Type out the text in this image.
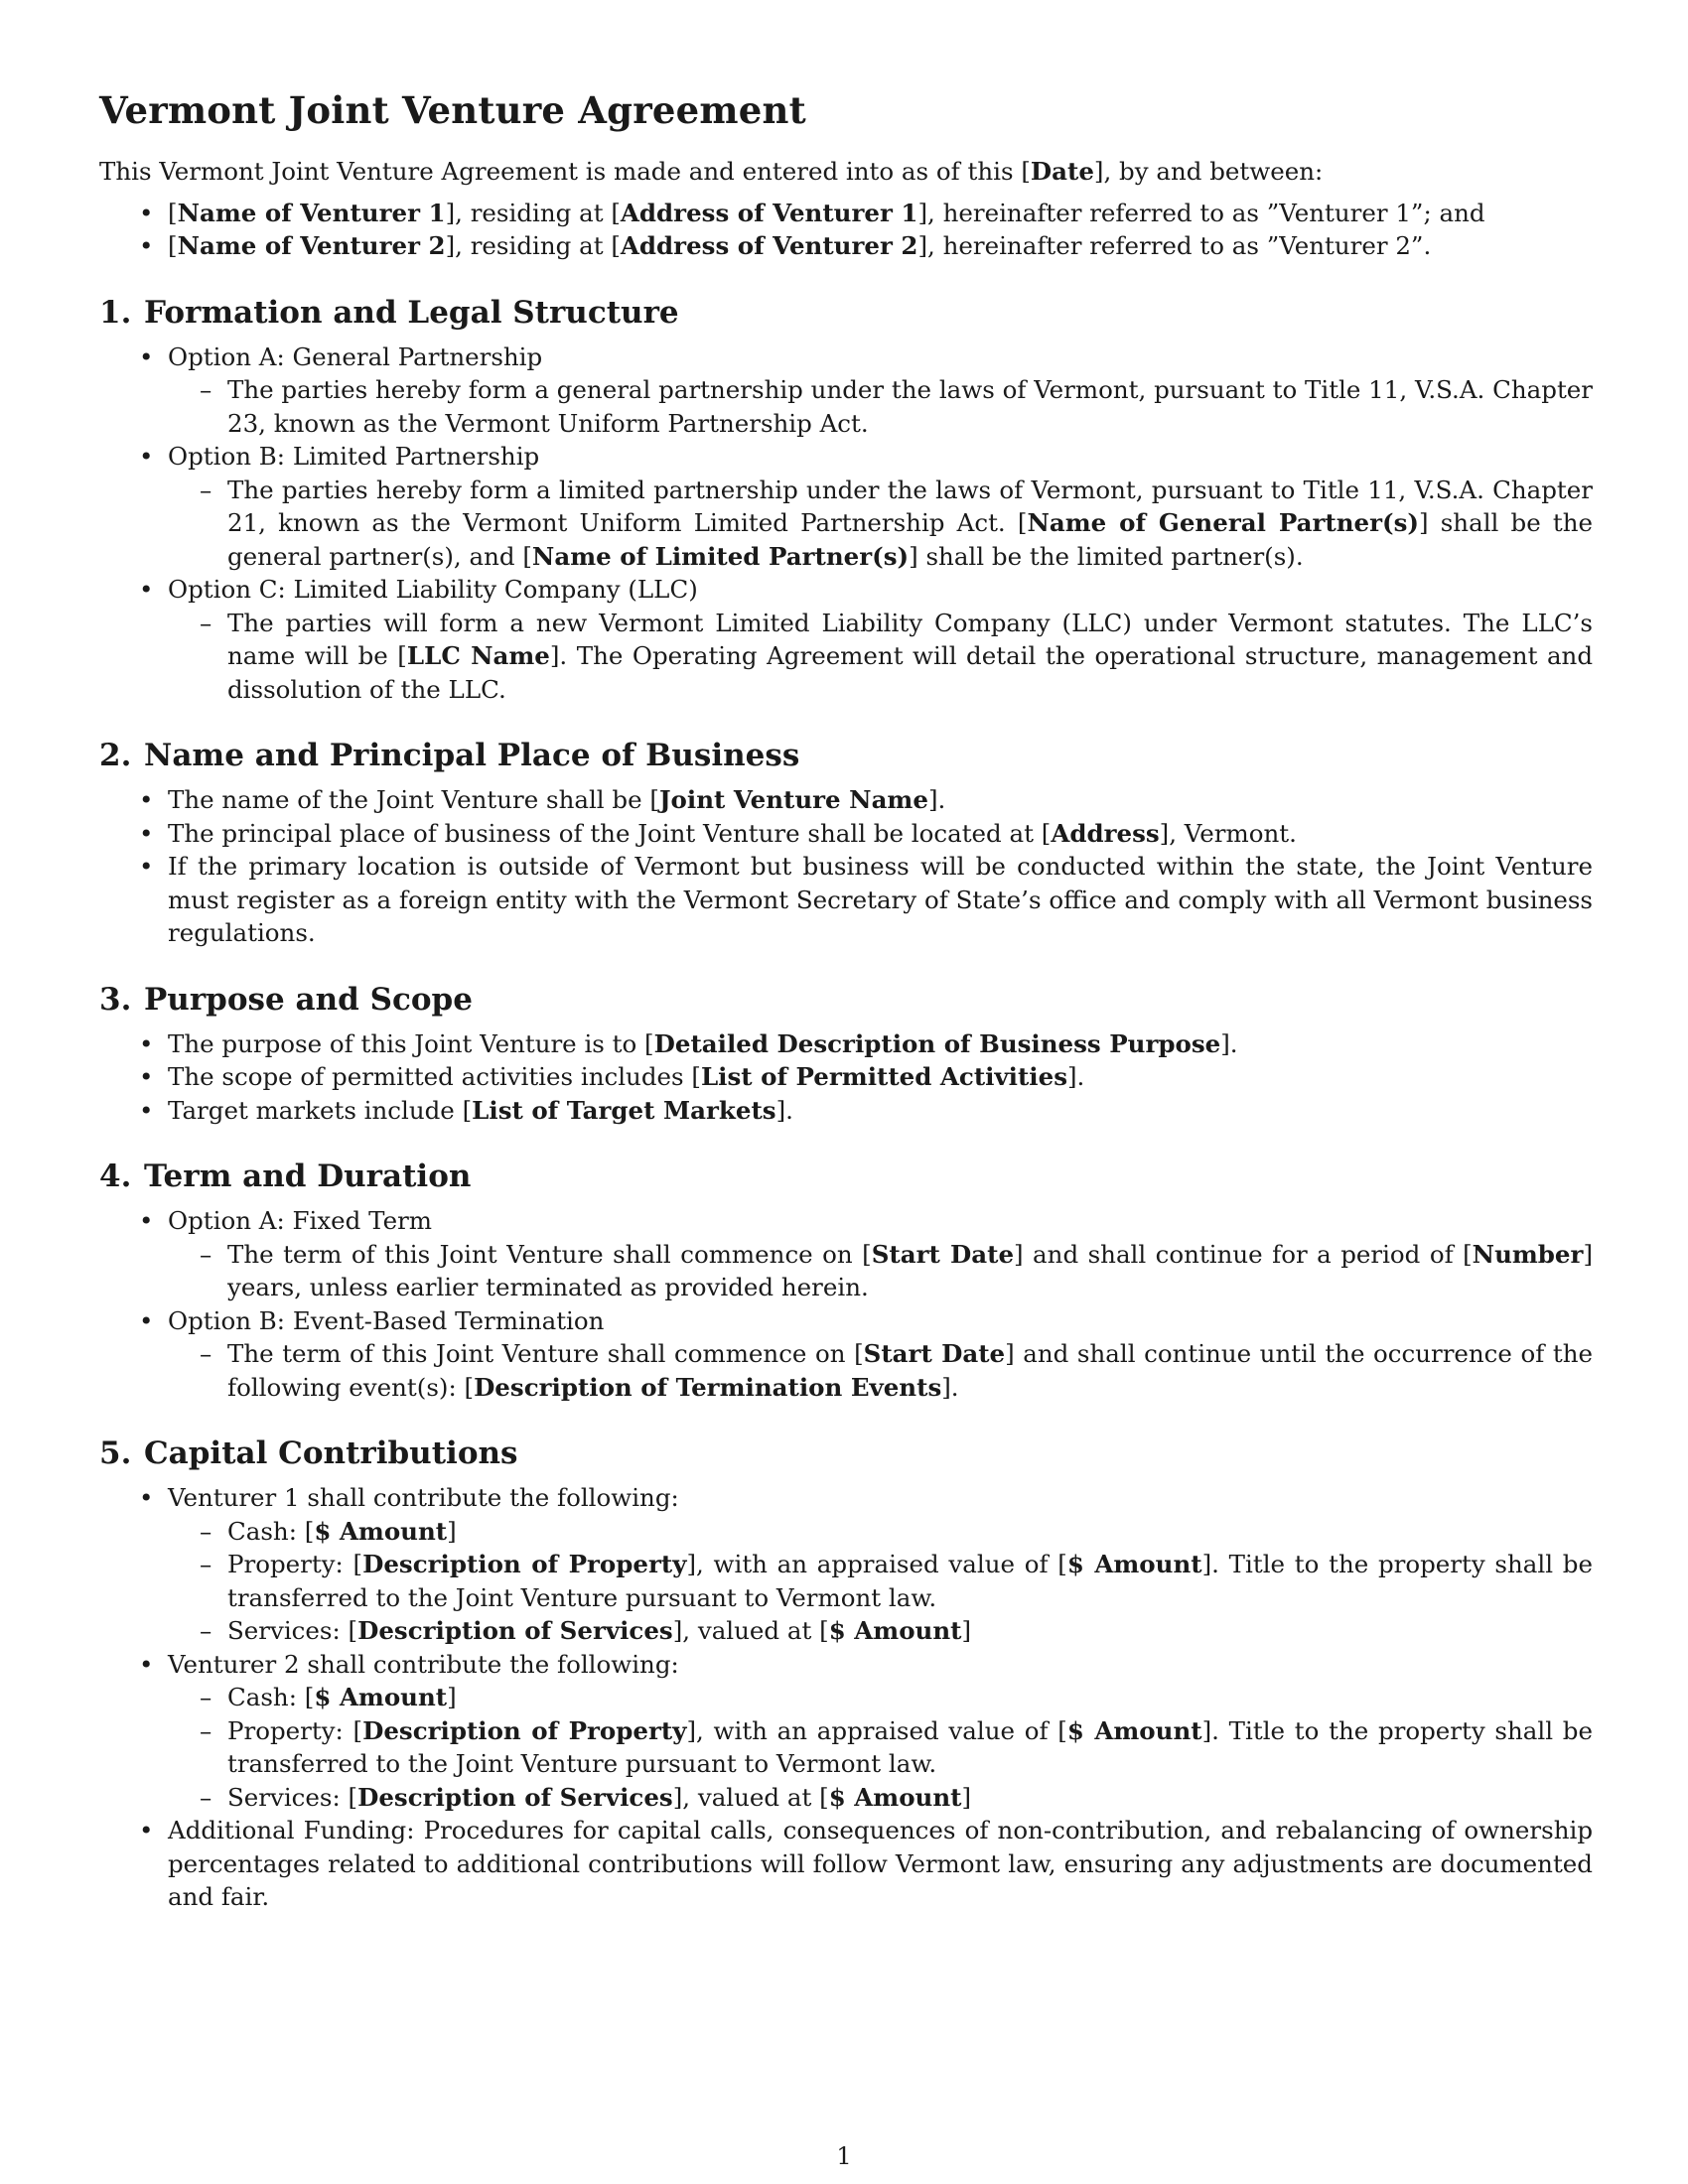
Vermont Joint Venture Agreement

This Vermont Joint Venture Agreement is made and entered into as of this [Date], by and between:

• [Name of Venturer 1], residing at [Address of Venturer 1], hereinafter referred to as ”Venturer 1”; and
• [Name of Venturer 2], residing at [Address of Venturer 2], hereinafter referred to as ”Venturer 2”.
1. Formation and Legal Structure
• Option A: General Partnership
– The parties hereby form a general partnership under the laws of Vermont, pursuant to Title 11, V.S.A. Chapter 23, known as the Vermont Uniform Partnership Act.
• Option B: Limited Partnership
– The parties hereby form a limited partnership under the laws of Vermont, pursuant to Title 11, V.S.A. Chapter 21, known as the Vermont Uniform Limited Partnership Act. [Name of General Partner(s)] shall be the general partner(s), and [Name of Limited Partner(s)] shall be the limited partner(s).
• Option C: Limited Liability Company (LLC)
– The parties will form a new Vermont Limited Liability Company (LLC) under Vermont statutes. The LLC’s name will be [LLC Name]. The Operating Agreement will detail the operational structure, management and dissolution of the LLC.
2. Name and Principal Place of Business
• The name of the Joint Venture shall be [Joint Venture Name].
• The principal place of business of the Joint Venture shall be located at [Address], Vermont.
• If the primary location is outside of Vermont but business will be conducted within the state, the Joint Venture must register as a foreign entity with the Vermont Secretary of State’s office and comply with all Vermont business regulations.
3. Purpose and Scope
• The purpose of this Joint Venture is to [Detailed Description of Business Purpose].
• The scope of permitted activities includes [List of Permitted Activities].
• Target markets include [List of Target Markets].
4. Term and Duration
• Option A: Fixed Term
– The term of this Joint Venture shall commence on [Start Date] and shall continue for a period of [Number] years, unless earlier terminated as provided herein.
• Option B: Event-Based Termination
– The term of this Joint Venture shall commence on [Start Date] and shall continue until the occurrence of the following event(s): [Description of Termination Events].
5. Capital Contributions
• Venturer 1 shall contribute the following:
– Cash: [$ Amount]
– Property: [Description of Property], with an appraised value of [$ Amount]. Title to the property shall be transferred to the Joint Venture pursuant to Vermont law.
– Services: [Description of Services], valued at [$ Amount]
• Venturer 2 shall contribute the following:
– Cash: [$ Amount]
– Property: [Description of Property], with an appraised value of [$ Amount]. Title to the property shall be transferred to the Joint Venture pursuant to Vermont law.
– Services: [Description of Services], valued at [$ Amount]
• Additional Funding: Procedures for capital calls, consequences of non-contribution, and rebalancing of ownership percentages related to additional contributions will follow Vermont law, ensuring any adjustments are documented and fair.
1
